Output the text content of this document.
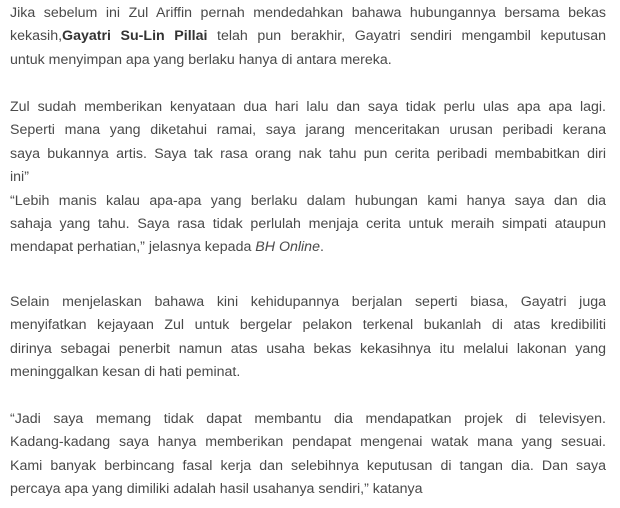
Jika sebelum ini Zul Ariffin pernah mendedahkan bahawa hubungannya bersama bekas
kekasih,Gayatri Su-Lin Pillai telah pun berakhir, Gayatri sendiri mengambil keputusan
untuk menyimpan apa yang berlaku hanya di antara mereka.
Zul sudah memberikan kenyataan dua hari lalu dan saya tidak perlu ulas apa apa lagi.
Seperti mana yang diketahui ramai, saya jarang menceritakan urusan peribadi kerana
saya bukannya artis. Saya tak rasa orang nak tahu pun cerita peribadi membabitkan diri
ini”
“Lebih manis kalau apa-apa yang berlaku dalam hubungan kami hanya saya dan dia
sahaja yang tahu. Saya rasa tidak perlulah menjaja cerita untuk meraih simpati ataupun
mendapat perhatian,” jelasnya kepada BH Online.
Selain menjelaskan bahawa kini kehidupannya berjalan seperti biasa, Gayatri juga
menyifatkan kejayaan Zul untuk bergelar pelakon terkenal bukanlah di atas kredibiliti
dirinya sebagai penerbit namun atas usaha bekas kekasihnya itu melalui lakonan yang
meninggalkan kesan di hati peminat.
“Jadi saya memang tidak dapat membantu dia mendapatkan projek di televisyen.
Kadang-kadang saya hanya memberikan pendapat mengenai watak mana yang sesuai.
Kami banyak berbincang fasal kerja dan selebihnya keputusan di tangan dia. Dan saya
percaya apa yang dimiliki adalah hasil usahanya sendiri,” katanya
